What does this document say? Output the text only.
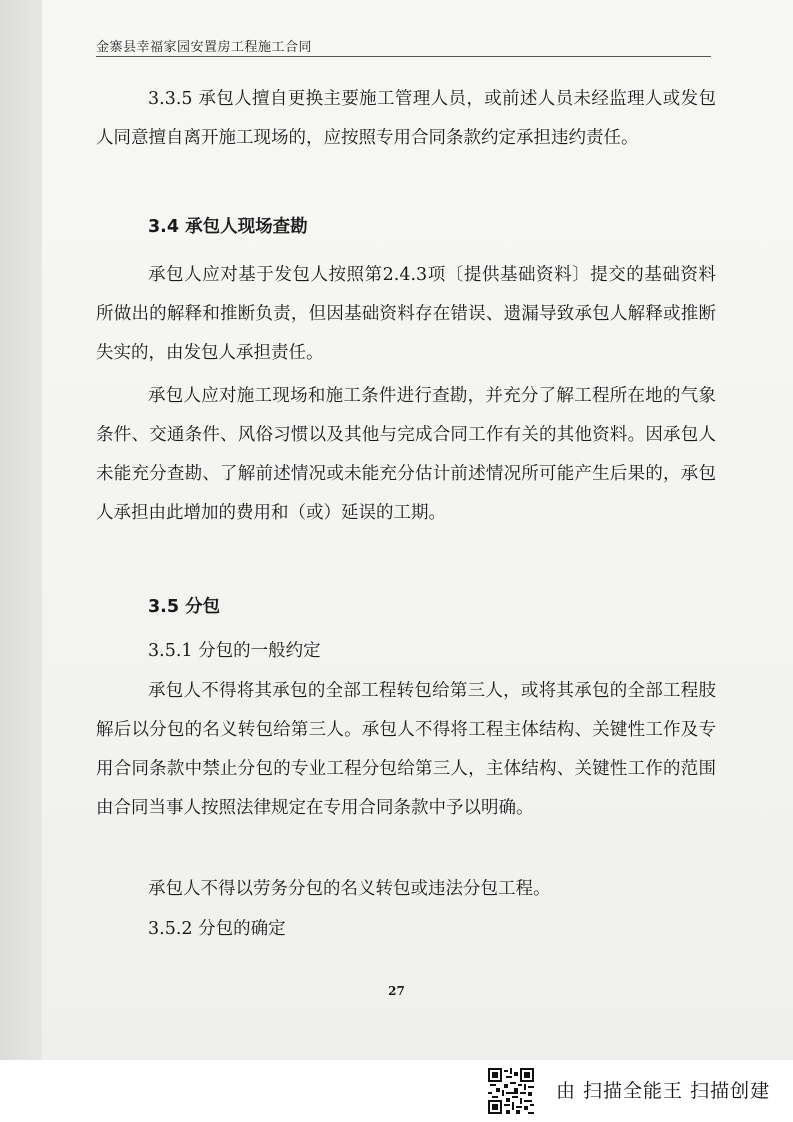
金寨县幸福家园安置房工程施工合同

3.3.5 承包人擅自更换主要施工管理人员，或前述人员未经监理人或发包人同意擅自离开施工现场的，应按照专用合同条款约定承担违约责任。

3.4 承包人现场查勘

承包人应对基于发包人按照第2.4.3项〔提供基础资料〕提交的基础资料所做出的解释和推断负责，但因基础资料存在错误、遗漏导致承包人解释或推断失实的，由发包人承担责任。

承包人应对施工现场和施工条件进行查勘，并充分了解工程所在地的气象条件、交通条件、风俗习惯以及其他与完成合同工作有关的其他资料。因承包人未能充分查勘、了解前述情况或未能充分估计前述情况所可能产生后果的，承包人承担由此增加的费用和（或）延误的工期。

3.5 分包

3.5.1 分包的一般约定

承包人不得将其承包的全部工程转包给第三人，或将其承包的全部工程肢解后以分包的名义转包给第三人。承包人不得将工程主体结构、关键性工作及专用合同条款中禁止分包的专业工程分包给第三人，主体结构、关键性工作的范围由合同当事人按照法律规定在专用合同条款中予以明确。

承包人不得以劳务分包的名义转包或违法分包工程。

3.5.2 分包的确定

27
由 扫描全能王 扫描创建
